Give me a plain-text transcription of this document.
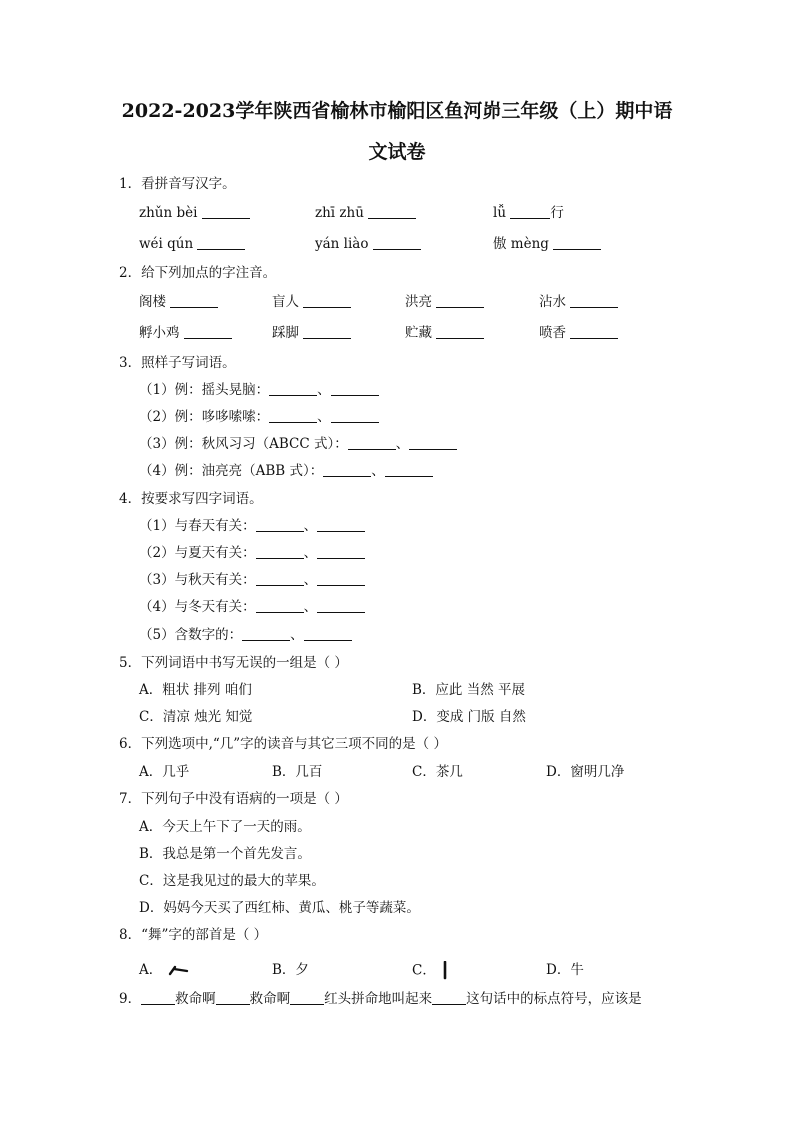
2022-2023学年陕西省榆林市榆阳区鱼河峁三年级（上）期中语
文试卷
1．看拼音写汉字。
zhǔn bèi	zhī zhū	lǚ	行
wéi qún	yán liào	傲 mèng
2．给下列加点的字注音。
阁楼	盲人	洪亮	沾水
孵小鸡	踩脚	贮藏	喷香
3．照样子写词语。
（1）例：摇头晃脑：	、
（2）例：哆哆嗦嗦：	、
（3）例：秋风习习（ABCC 式）：	、
（4）例：油亮亮（ABB 式）：	、
4．按要求写四字词语。
（1）与春天有关：	、
（2）与夏天有关：	、
（3）与秋天有关：	、
（4）与冬天有关：	、
（5）含数字的：	、
5．下列词语中书写无误的一组是（ ）
A．粗状 排列 咱们	B．应此 当然 平展
C．清凉 烛光 知觉	D．变成 门版 自然
6．下列选项中,“几”字的读音与其它三项不同的是（ ）
A．几乎	B．几百	C．茶几	D．窗明几净
7．下列句子中没有语病的一项是（ ）
A．今天上午下了一天的雨。
B．我总是第一个首先发言。
C．这是我见过的最大的苹果。
D．妈妈今天买了西红柿、黄瓜、桃子等蔬菜。
8．“舞”字的部首是（ ）
A．	B．夕	C．	D．牛
9．	救命啊	救命啊	红头拼命地叫起来	这句话中的标点符号，应该是
